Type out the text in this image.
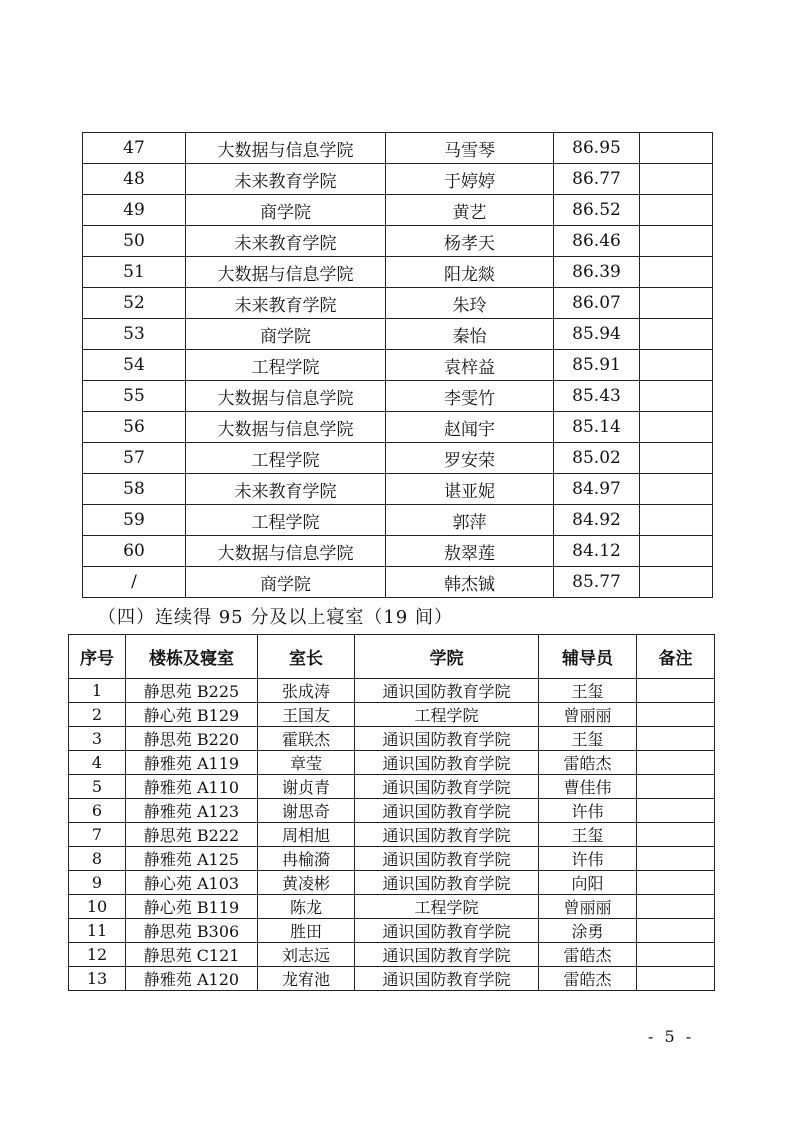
47	大数据与信息学院	马雪琴	86.95	
48	未来教育学院	于婷婷	86.77	
49	商学院	黄艺	86.52	
50	未来教育学院	杨孝天	86.46	
51	大数据与信息学院	阳龙燚	86.39	
52	未来教育学院	朱玲	86.07	
53	商学院	秦怡	85.94	
54	工程学院	袁梓益	85.91	
55	大数据与信息学院	李雯竹	85.43	
56	大数据与信息学院	赵闻宇	85.14	
57	工程学院	罗安荣	85.02	
58	未来教育学院	谌亚妮	84.97	
59	工程学院	郭萍	84.92	
60	大数据与信息学院	敖翠莲	84.12	
/	商学院	韩杰铖	85.77	
（四）连续得 95 分及以上寝室（19 间）
序号	楼栋及寝室	室长	学院	辅导员	备注
1	静思苑 B225	张成涛	通识国防教育学院	王玺	
2	静心苑 B129	王国友	工程学院	曾丽丽	
3	静思苑 B220	霍联杰	通识国防教育学院	王玺	
4	静雅苑 A119	章莹	通识国防教育学院	雷皓杰	
5	静雅苑 A110	谢贞青	通识国防教育学院	曹佳伟	
6	静雅苑 A123	谢思奇	通识国防教育学院	许伟	
7	静思苑 B222	周相旭	通识国防教育学院	王玺	
8	静雅苑 A125	冉榆漪	通识国防教育学院	许伟	
9	静心苑 A103	黄凌彬	通识国防教育学院	向阳	
10	静心苑 B119	陈龙	工程学院	曾丽丽	
11	静思苑 B306	胜田	通识国防教育学院	涂勇	
12	静思苑 C121	刘志远	通识国防教育学院	雷皓杰	
13	静雅苑 A120	龙宥池	通识国防教育学院	雷皓杰	
- 5 -
